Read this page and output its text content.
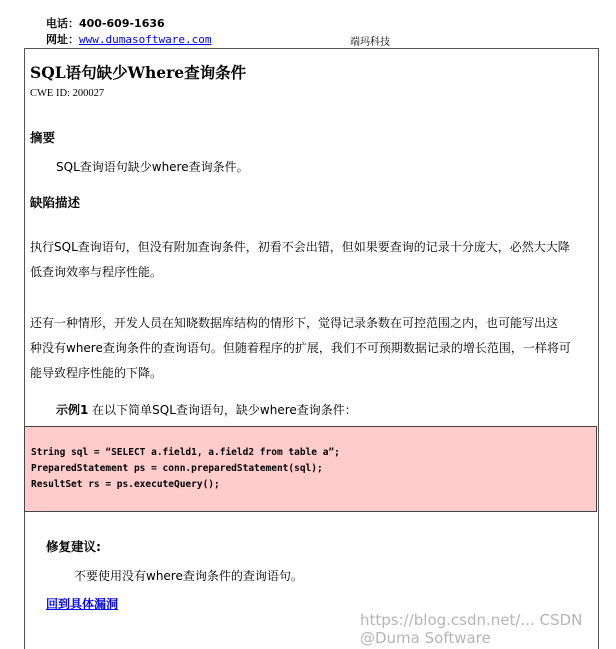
电话：400-609-1636
网址：www.dumasoftware.com	端玛科技
SQL语句缺少Where查询条件
CWE ID: 200027
摘要
SQL查询语句缺少where查询条件。
缺陷描述
执行SQL查询语句，但没有附加查询条件，初看不会出错，但如果要查询的记录十分庞大，必然大大降
低查询效率与程序性能。
还有一种情形，开发人员在知晓数据库结构的情形下，觉得记录条数在可控范围之内，也可能写出这
种没有where查询条件的查询语句。但随着程序的扩展，我们不可预期数据记录的增长范围，一样将可
能导致程序性能的下降。
示例1 在以下简单SQL查询语句，缺少where查询条件：
String sql = “SELECT a.field1, a.field2 from table a”;
PreparedStatement ps = conn.preparedStatement(sql);
ResultSet rs = ps.executeQuery();
修复建议:
不要使用没有where查询条件的查询语句。
回到具体漏洞
https://blog.csdn.net/... CSDN @Duma Software
